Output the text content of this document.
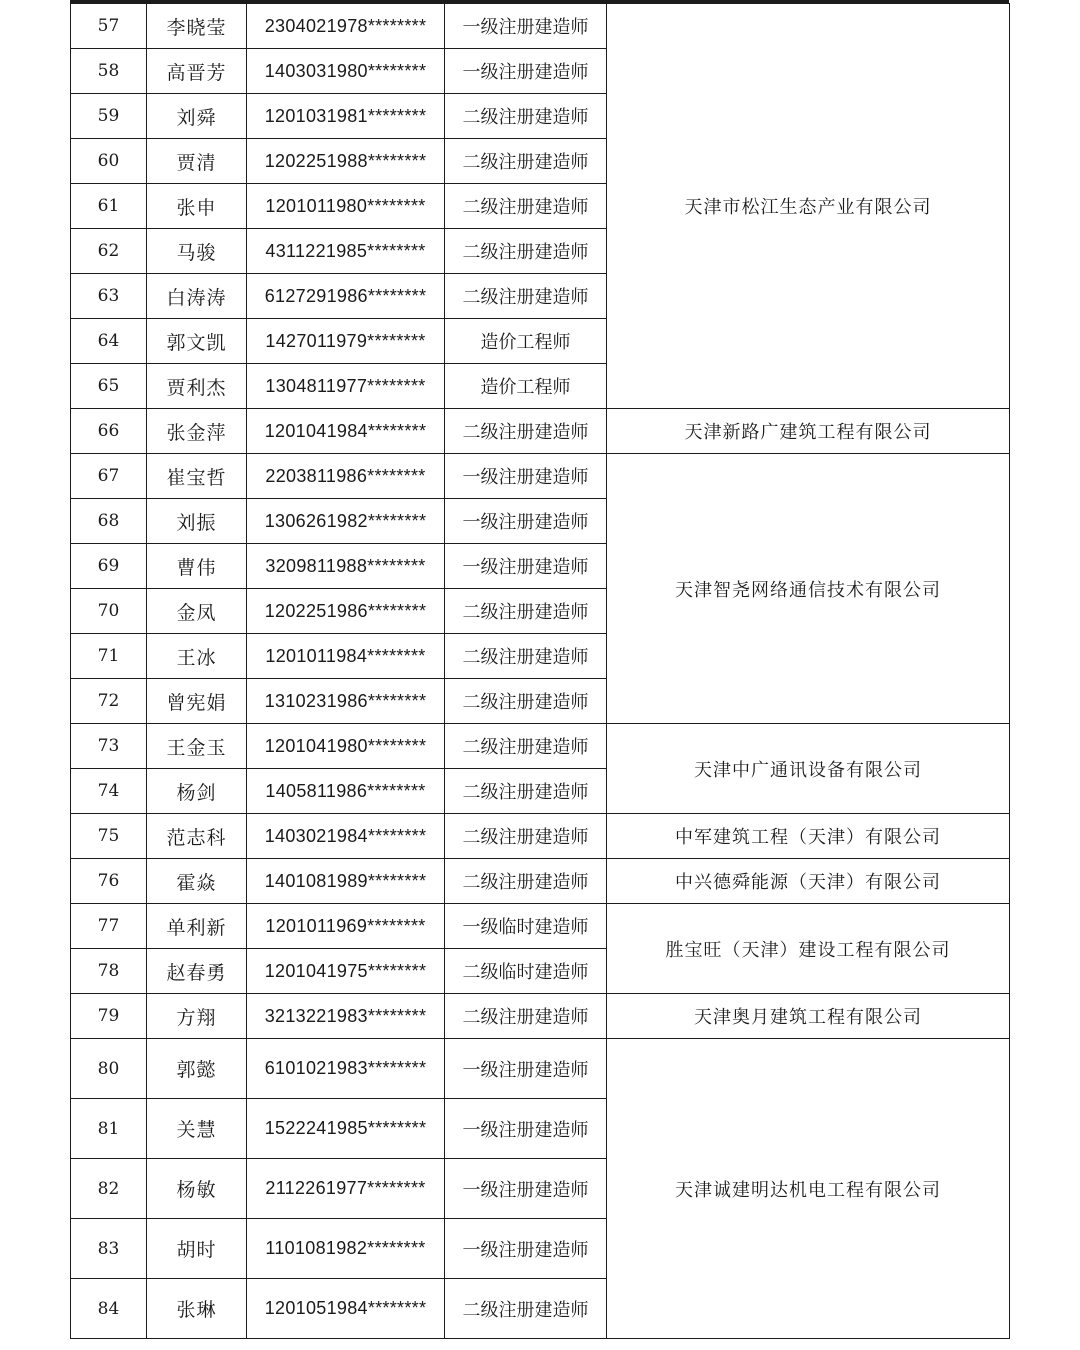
57	李晓莹	2304021978********	一级注册建造师	天津市松江生态产业有限公司
58	高晋芳	1403031980********	一级注册建造师	
59	刘舜	1201031981********	二级注册建造师	
60	贾清	1202251988********	二级注册建造师	
61	张申	1201011980********	二级注册建造师	
62	马骏	4311221985********	二级注册建造师	
63	白涛涛	6127291986********	二级注册建造师	
64	郭文凯	1427011979********	造价工程师	
65	贾利杰	1304811977********	造价工程师	
66	张金萍	1201041984********	二级注册建造师	天津新路广建筑工程有限公司
67	崔宝哲	2203811986********	一级注册建造师	天津智尧网络通信技术有限公司
68	刘振	1306261982********	一级注册建造师	
69	曹伟	3209811988********	一级注册建造师	
70	金凤	1202251986********	二级注册建造师	
71	王冰	1201011984********	二级注册建造师	
72	曾宪娟	1310231986********	二级注册建造师	
73	王金玉	1201041980********	二级注册建造师	天津中广通讯设备有限公司
74	杨剑	1405811986********	二级注册建造师	
75	范志科	1403021984********	二级注册建造师	中军建筑工程（天津）有限公司
76	霍焱	1401081989********	二级注册建造师	中兴德舜能源（天津）有限公司
77	单利新	1201011969********	一级临时建造师	胜宝旺（天津）建设工程有限公司
78	赵春勇	1201041975********	二级临时建造师	
79	方翔	3213221983********	二级注册建造师	天津奥月建筑工程有限公司
80	郭懿	6101021983********	一级注册建造师	天津诚建明达机电工程有限公司
81	关慧	1522241985********	一级注册建造师	
82	杨敏	2112261977********	一级注册建造师	
83	胡时	1101081982********	一级注册建造师	
84	张琳	1201051984********	二级注册建造师	
